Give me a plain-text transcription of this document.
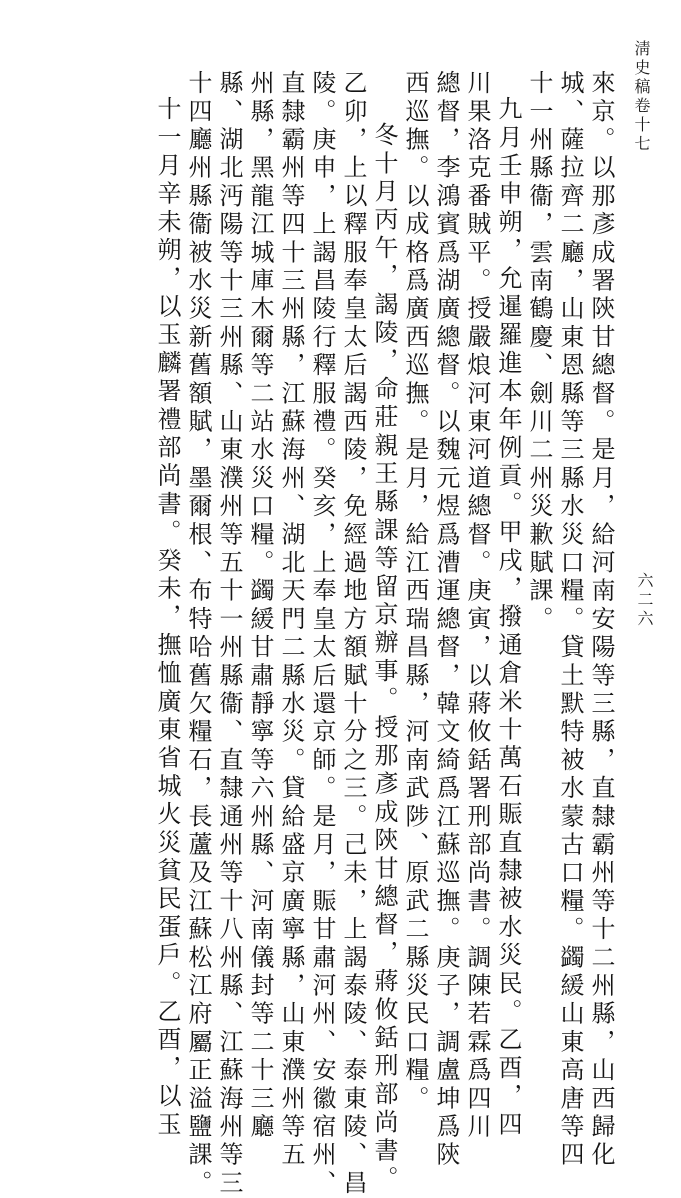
淸史稿卷十七
六二六
來京。以那彥成署陝甘總督。是月，給河南安陽等三縣，直隸霸州等十二州縣，山西歸化
城、薩拉齊二廳，山東恩縣等三縣水災口糧。貸土默特被水蒙古口糧。蠲緩山東高唐等四
十一州縣衞，雲南鶴慶、劍川二州災歉賦課。
九月壬申朔，允暹羅進本年例貢。甲戌，撥通倉米十萬石賑直隸被水災民。乙酉，四
川果洛克番賊平。授嚴烺河東河道總督。庚寅，以蔣攸銛署刑部尚書。調陳若霖爲四川
總督，李鴻賓爲湖廣總督。以魏元煜爲漕運總督，韓文綺爲江蘇巡撫。庚子，調盧坤爲陝
西巡撫。以成格爲廣西巡撫。是月，給江西瑞昌縣，河南武陟、原武二縣災民口糧。
冬十月丙午，謁陵，命莊親王縣課等留京辦事。授那彥成陝甘總督，蔣攸銛刑部尚書。
乙卯，上以釋服奉皇太后謁西陵，免經過地方額賦十分之三。己未，上謁泰陵、泰東陵、昌
陵。庚申，上謁昌陵行釋服禮。癸亥，上奉皇太后還京師。是月，賑甘肅河州、安徽宿州、
直隸霸州等四十三州縣，江蘇海州、湖北天門二縣水災。貸給盛京廣寧縣，山東濮州等五
州縣，黑龍江城庫木爾等二站水災口糧。蠲緩甘肅靜寧等六州縣、河南儀封等二十三廳
縣、湖北沔陽等十三州縣、山東濮州等五十一州縣衞、直隸通州等十八州縣、江蘇海州等三
十四廳州縣衞被水災新舊額賦，墨爾根、布特哈舊欠糧石，長蘆及江蘇松江府屬正溢鹽課。
十一月辛未朔，以玉麟署禮部尚書。癸未，撫恤廣東省城火災貧民蛋戶。乙酉，以玉
